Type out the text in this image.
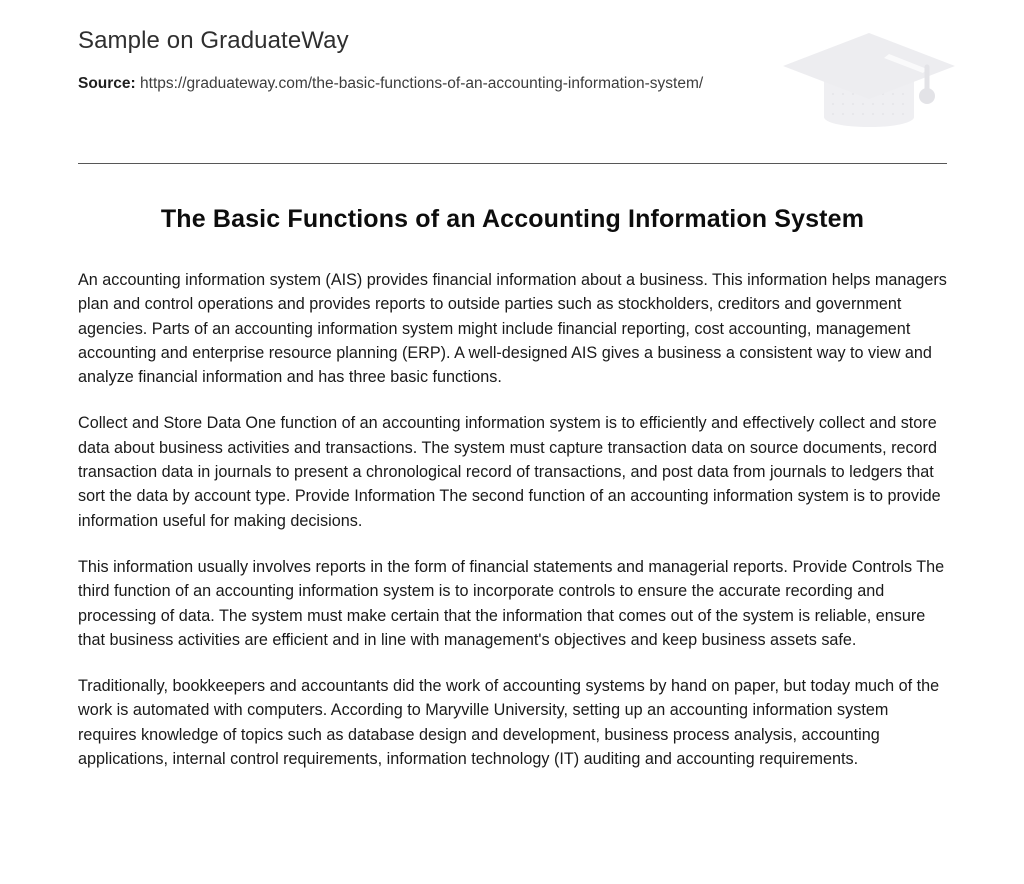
Sample on GraduateWay
Source: https://graduateway.com/the-basic-functions-of-an-accounting-information-system/
The Basic Functions of an Accounting Information System

An accounting information system (AIS) provides financial information about a business. This information helps managers plan and control operations and provides reports to outside parties such as stockholders, creditors and government agencies. Parts of an accounting information system might include financial reporting, cost accounting, management accounting and enterprise resource planning (ERP). A well-designed AIS gives a business a consistent way to view and analyze financial information and has three basic functions.

Collect and Store Data One function of an accounting information system is to efficiently and effectively collect and store data about business activities and transactions. The system must capture transaction data on source documents, record transaction data in journals to present a chronological record of transactions, and post data from journals to ledgers that sort the data by account type. Provide Information The second function of an accounting information system is to provide information useful for making decisions.

This information usually involves reports in the form of financial statements and managerial reports. Provide Controls The third function of an accounting information system is to incorporate controls to ensure the accurate recording and processing of data. The system must make certain that the information that comes out of the system is reliable, ensure that business activities are efficient and in line with management's objectives and keep business assets safe.

Traditionally, bookkeepers and accountants did the work of accounting systems by hand on paper, but today much of the work is automated with computers. According to Maryville University, setting up an accounting information system requires knowledge of topics such as database design and development, business process analysis, accounting applications, internal control requirements, information technology (IT) auditing and accounting requirements.
